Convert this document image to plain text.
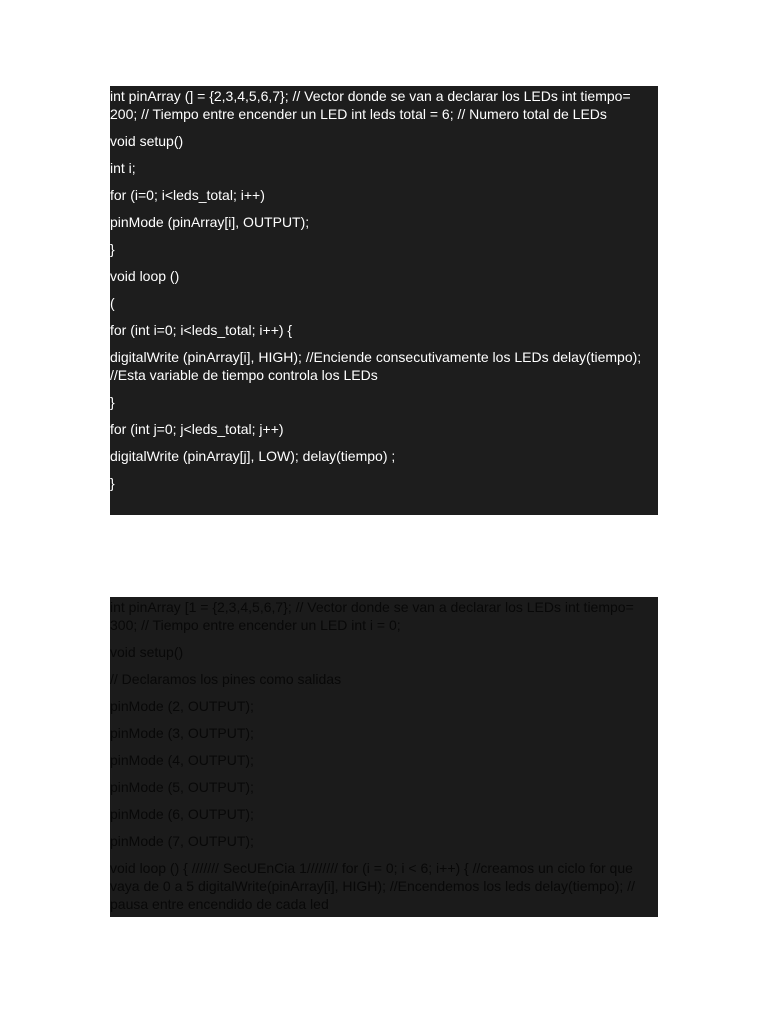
int pinArray (] = {2,3,4,5,6,7}; // Vector donde se van a declarar los LEDs int tiempo= 200; // Tiempo entre encender un LED int leds total = 6; // Numero total de LEDs

void setup()

int i;

for (i=0; i<leds_total; i++)

pinMode (pinArray[i], OUTPUT);

}

void loop ()

(

for (int i=0; i<leds_total; i++) {

digitalWrite (pinArray[i], HIGH); //Enciende consecutivamente los LEDs delay(tiempo); //Esta variable de tiempo controla los LEDs

}

for (int j=0; j<leds_total; j++)

digitalWrite (pinArray[j], LOW); delay(tiempo) ;

}

int pinArray [1 = {2,3,4,5,6,7}; // Vector donde se van a declarar los LEDs int tiempo= 300; // Tiempo entre encender un LED int i = 0;

void setup()

// Declaramos los pines como salidas

pinMode (2, OUTPUT);

pinMode (3, OUTPUT);

pinMode (4, OUTPUT);

pinMode (5, OUTPUT);

pinMode (6, OUTPUT);

pinMode (7, OUTPUT);

void loop () { /////// SecUEnCia 1//////// for (i = 0; i < 6; i++) { //creamos un ciclo for que vaya de 0 a 5 digitalWrite(pinArray[i], HIGH); //Encendemos los leds delay(tiempo); // pausa entre encendido de cada led
